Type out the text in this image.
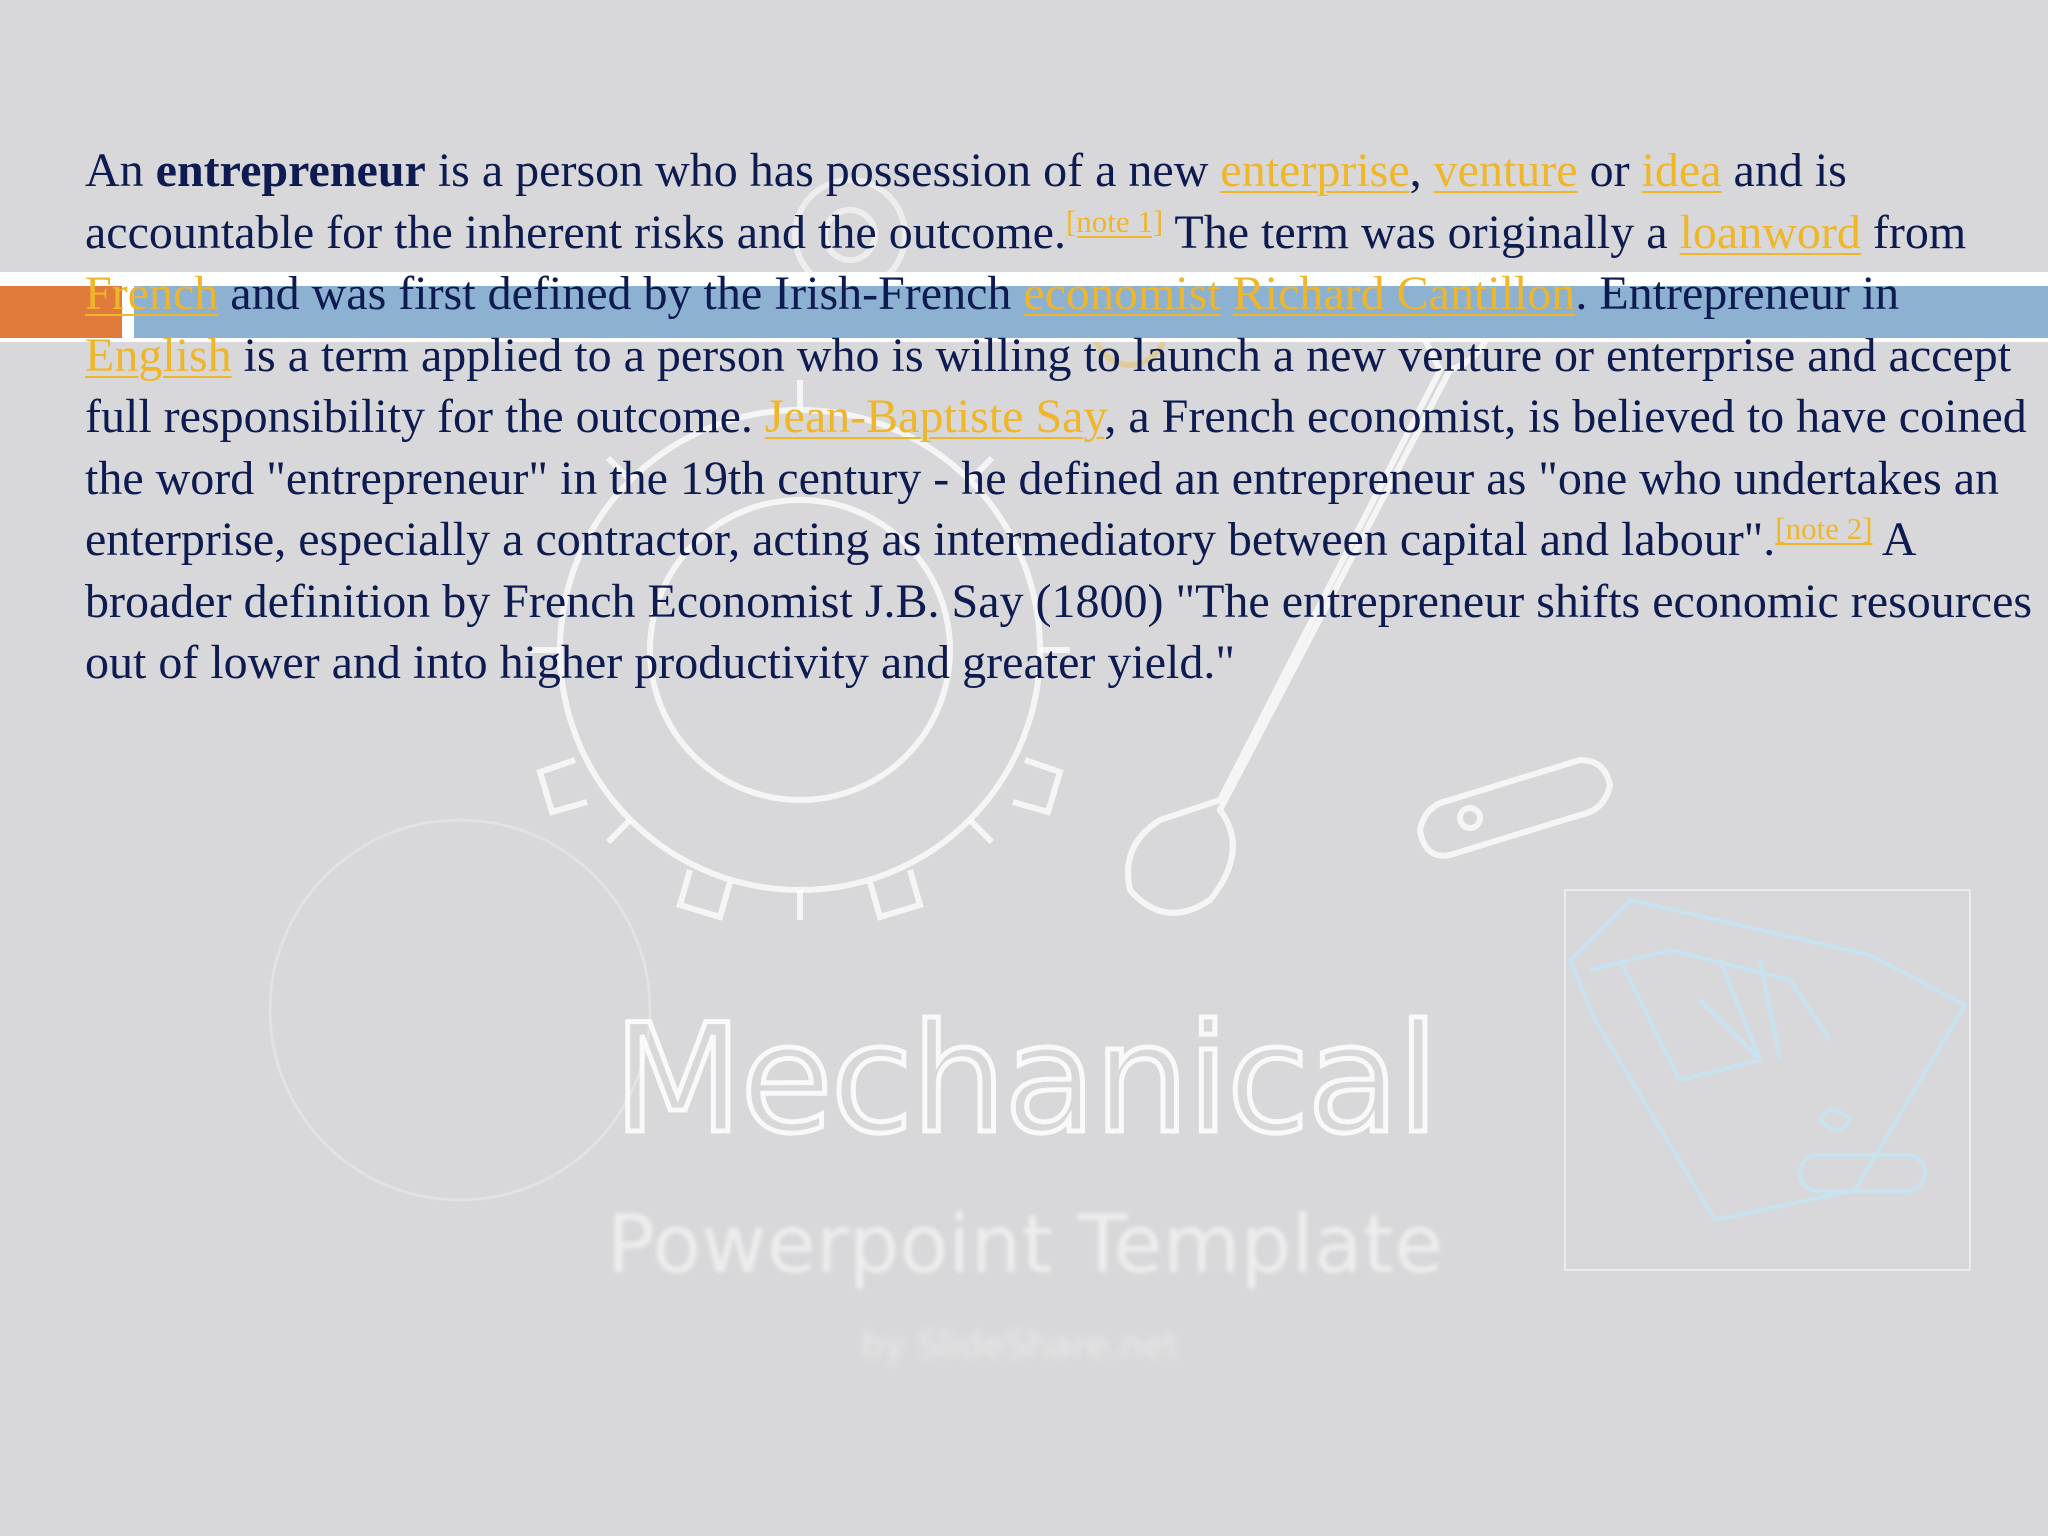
Mechanical
Powerpoint Template
by SlideShare.net

An entrepreneur is a person who has possession of a new enterprise, venture or idea and is accountable for the inherent risks and the outcome.[note 1] The term was originally a loanword from French and was first defined by the Irish-French economist Richard Cantillon. Entrepreneur in English is a term applied to a person who is willing to launch a new venture or enterprise and accept full responsibility for the outcome. Jean-Baptiste Say, a French economist, is believed to have coined the word "entrepreneur" in the 19th century - he defined an entrepreneur as "one who undertakes an enterprise, especially a contractor, acting as intermediatory between capital and labour".[note 2] A broader definition by French Economist J.B. Say (1800) "The entrepreneur shifts economic resources out of lower and into higher productivity and greater yield."
